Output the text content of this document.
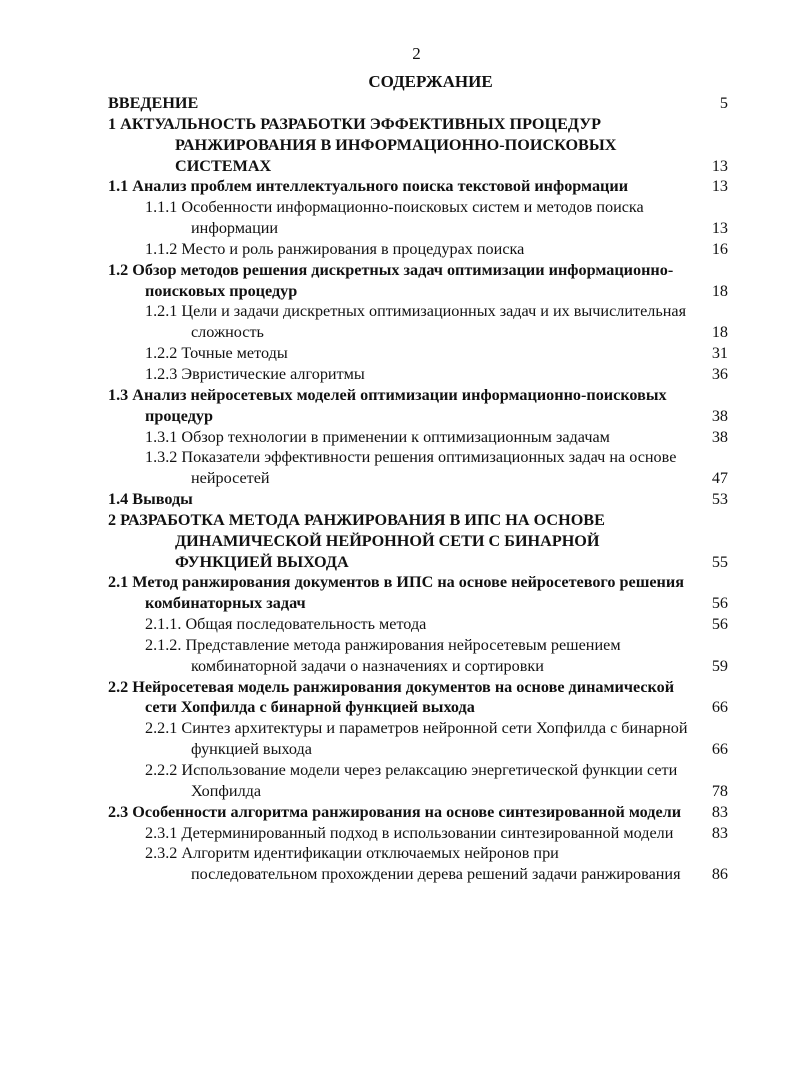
2
СОДЕРЖАНИЕ
ВВЕДЕНИЕ	5
1 АКТУАЛЬНОСТЬ РАЗРАБОТКИ ЭФФЕКТИВНЫХ ПРОЦЕДУР РАНЖИРОВАНИЯ В ИНФОРМАЦИОННО-ПОИСКОВЫХ СИСТЕМАХ	13
1.1 Анализ проблем интеллектуального поиска текстовой информации	13
1.1.1 Особенности информационно-поисковых систем и методов поиска информации	13
1.1.2 Место и роль ранжирования в процедурах поиска	16
1.2 Обзор методов решения дискретных задач оптимизации информационно-поисковых процедур	18
1.2.1 Цели и задачи дискретных оптимизационных задач и их вычислительная сложность	18
1.2.2 Точные методы	31
1.2.3 Эвристические алгоритмы	36
1.3 Анализ нейросетевых моделей оптимизации информационно-поисковых процедур	38
1.3.1 Обзор технологии в применении к оптимизационным задачам	38
1.3.2 Показатели эффективности решения оптимизационных задач на основе нейросетей	47
1.4 Выводы	53
2 РАЗРАБОТКА МЕТОДА РАНЖИРОВАНИЯ В ИПС НА ОСНОВЕ ДИНАМИЧЕСКОЙ НЕЙРОННОЙ СЕТИ С БИНАРНОЙ ФУНКЦИЕЙ ВЫХОДА	55
2.1 Метод ранжирования документов в ИПС на основе нейросетевого решения комбинаторных задач	56
2.1.1. Общая последовательность метода	56
2.1.2. Представление метода ранжирования нейросетевым решением комбинаторной задачи о назначениях и сортировки	59
2.2 Нейросетевая модель ранжирования документов на основе динамической сети Хопфилда с бинарной функцией выхода	66
2.2.1 Синтез архитектуры и параметров нейронной сети Хопфилда с бинарной функцией выхода	66
2.2.2 Использование модели через релаксацию энергетической функции сети Хопфилда	78
2.3 Особенности алгоритма ранжирования на основе синтезированной модели	83
2.3.1 Детерминированный подход в использовании синтезированной модели	83
2.3.2 Алгоритм идентификации отключаемых нейронов при последовательном прохождении дерева решений задачи ранжирования	86
